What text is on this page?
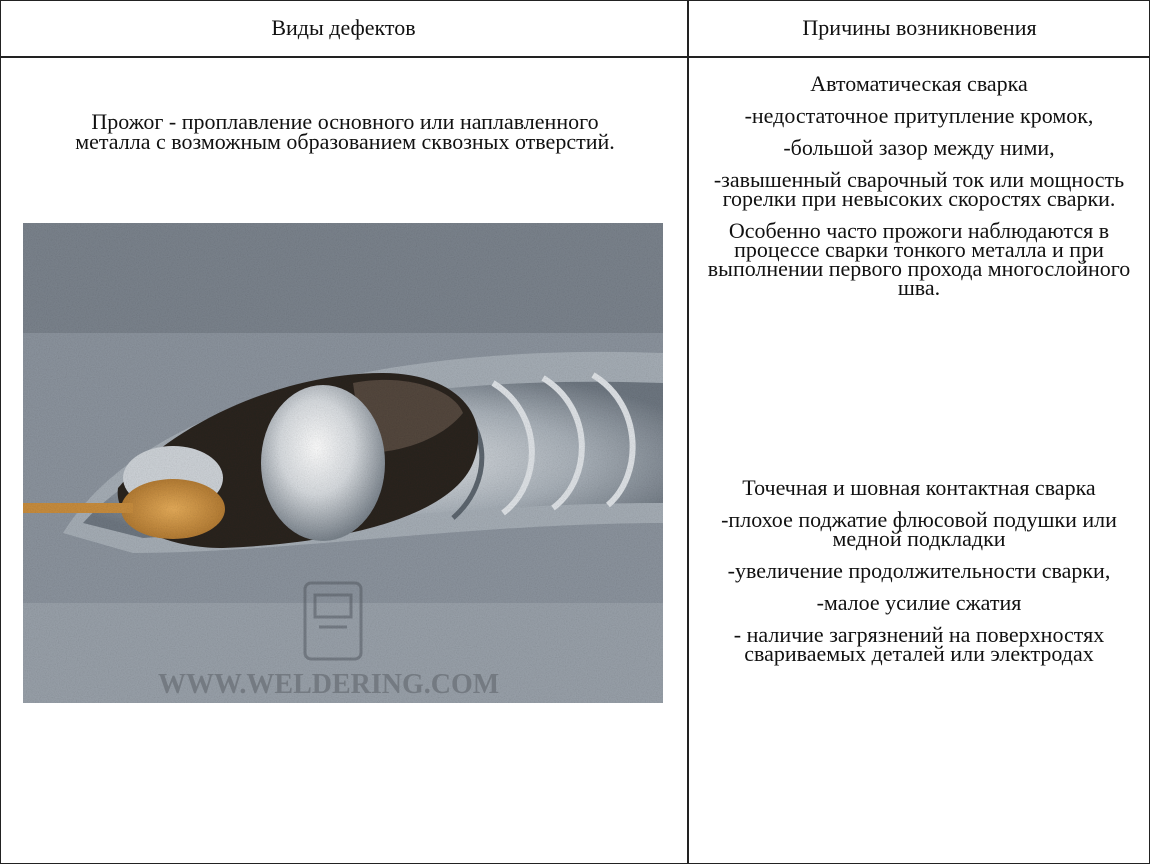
Виды дефектов	Причины возникновения
Прожог - проплавление основного или наплавленного
металла с возможным образованием сквозных отверстий.
WWW.WELDERING.COM

Автоматическая сварка

-недостаточное притупление кромок,

-большой зазор между ними,

-завышенный сварочный ток или мощность горелки при невысоких скоростях сварки.

Особенно часто прожоги наблюдаются в процессе сварки тонкого металла и при выполнении первого прохода многослойного шва.

Точечная и шовная контактная сварка

-плохое поджатие флюсовой подушки или медной подкладки

-увеличение продолжительности сварки,

-малое усилие сжатия

- наличие загрязнений на поверхностях свариваемых деталей или электродах
